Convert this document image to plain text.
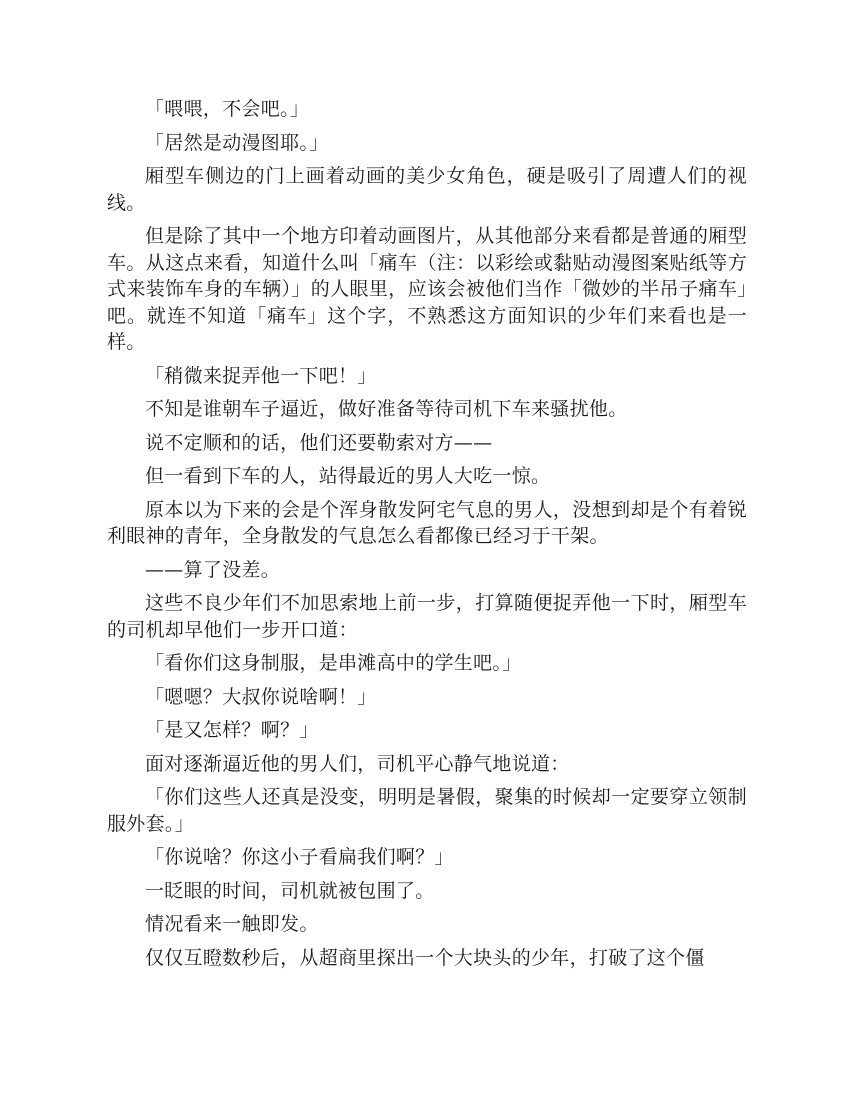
「喂喂，不会吧。」

「居然是动漫图耶。」

厢型车侧边的门上画着动画的美少女角色，硬是吸引了周遭人们的视线。

但是除了其中一个地方印着动画图片，从其他部分来看都是普通的厢型车。从这点来看，知道什么叫「痛车（注：以彩绘或黏贴动漫图案贴纸等方式来装饰车身的车辆）」的人眼里，应该会被他们当作「微妙的半吊子痛车」吧。就连不知道「痛车」这个字，不熟悉这方面知识的少年们来看也是一样。

「稍微来捉弄他一下吧！」

不知是谁朝车子逼近，做好准备等待司机下车来骚扰他。

说不定顺和的话，他们还要勒索对方——

但一看到下车的人，站得最近的男人大吃一惊。

原本以为下来的会是个浑身散发阿宅气息的男人，没想到却是个有着锐利眼神的青年，全身散发的气息怎么看都像已经习于干架。

——算了没差。

这些不良少年们不加思索地上前一步，打算随便捉弄他一下时，厢型车的司机却早他们一步开口道：

「看你们这身制服，是串滩高中的学生吧。」

「嗯嗯？大叔你说啥啊！」

「是又怎样？啊？」

面对逐渐逼近他的男人们，司机平心静气地说道：

「你们这些人还真是没变，明明是暑假，聚集的时候却一定要穿立领制服外套。」

「你说啥？你这小子看扁我们啊？」

一眨眼的时间，司机就被包围了。

情况看来一触即发。

仅仅互瞪数秒后，从超商里探出一个大块头的少年，打破了这个僵
